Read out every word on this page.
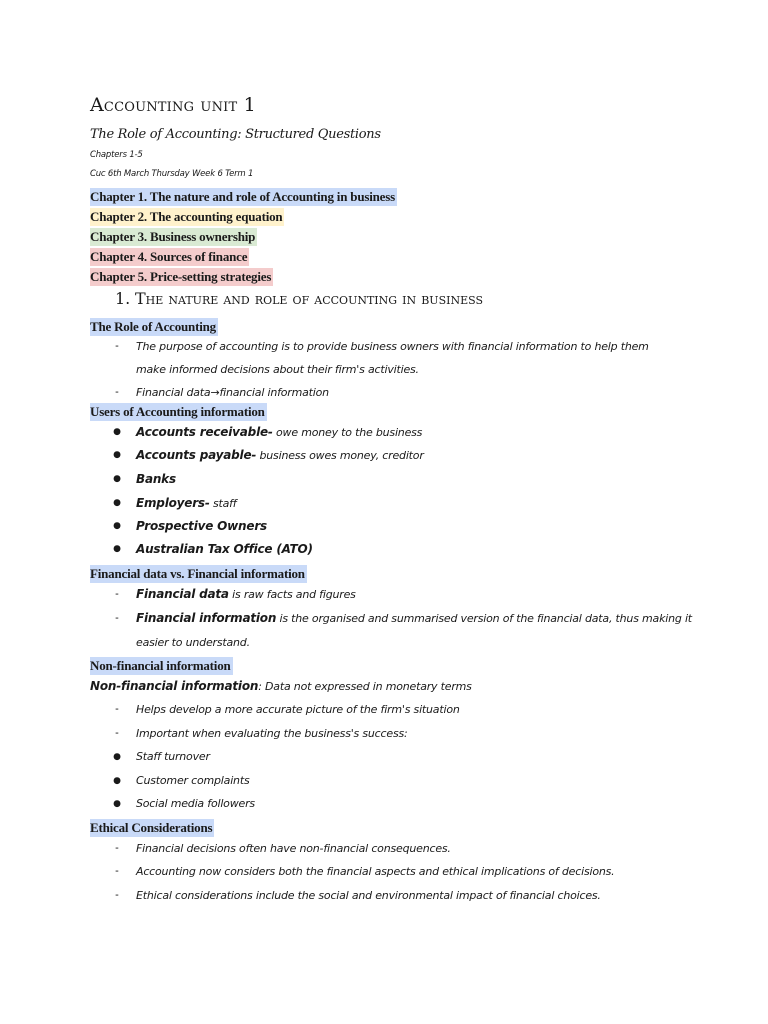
Accounting unit 1
The Role of Accounting: Structured Questions
Chapters 1-5
Cuc 6th March Thursday Week 6 Term 1
Chapter 1. The nature and role of Accounting in business
Chapter 2. The accounting equation
Chapter 3. Business ownership
Chapter 4. Sources of finance
Chapter 5. Price-setting strategies
1. The nature and role of accounting in business
The Role of Accounting
- The purpose of accounting is to provide business owners with financial information to help them
make informed decisions about their firm's activities.
- Financial data→financial information
Users of Accounting information
● Accounts receivable- owe money to the business
● Accounts payable- business owes money, creditor
● Banks
● Employers- staff
● Prospective Owners
● Australian Tax Office (ATO)
Financial data vs. Financial information
- Financial data is raw facts and figures
- Financial information is the organised and summarised version of the financial data, thus making it
easier to understand.
Non-financial information
Non-financial information: Data not expressed in monetary terms
- Helps develop a more accurate picture of the firm's situation
- Important when evaluating the business's success:
● Staff turnover
● Customer complaints
● Social media followers
Ethical Considerations
- Financial decisions often have non-financial consequences.
- Accounting now considers both the financial aspects and ethical implications of decisions.
- Ethical considerations include the social and environmental impact of financial choices.
